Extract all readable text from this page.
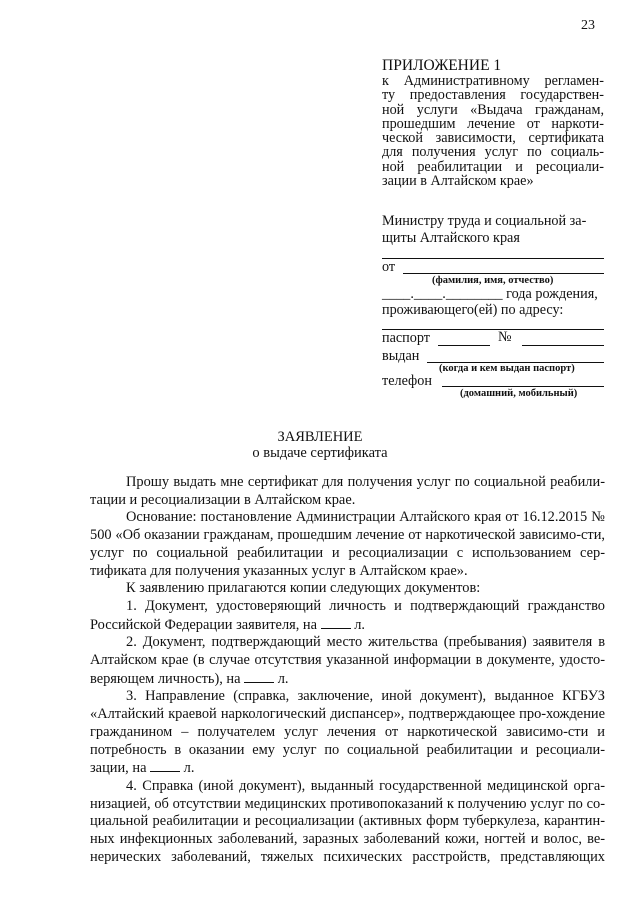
23
ПРИЛОЖЕНИЕ 1
к Административному регламен-
ту предоставления государствен-
ной услуги «Выдача гражданам,
прошедшим лечение от наркоти-
ческой зависимости, сертификата
для получения услуг по социаль-
ной реабилитации и ресоциали-
зации в Алтайском крае»
Министру труда и социальной за-
щиты Алтайского края
от
(фамилия, имя, отчество)
____.____.________ года рождения,
проживающего(ей) по адресу:
паспорт	№
выдан
(когда и кем выдан паспорт)
телефон
(домашний, мобильный)
ЗАЯВЛЕНИЕ
о выдаче сертификата
Прошу выдать мне сертификат для получения услуг по социальной реабили-тации и ресоциализации в Алтайском крае.
Основание: постановление Администрации Алтайского края от 16.12.2015 № 500 «Об оказании гражданам, прошедшим лечение от наркотической зависимо-сти, услуг по социальной реабилитации и ресоциализации с использованием сер-тификата для получения указанных услуг в Алтайском крае».
К заявлению прилагаются копии следующих документов:
1. Документ, удостоверяющий личность и подтверждающий гражданство Российской Федерации заявителя, на  л.
2. Документ, подтверждающий место жительства (пребывания) заявителя в Алтайском крае (в случае отсутствия указанной информации в документе, удосто-веряющем личность), на  л.
3. Направление (справка, заключение, иной документ), выданное КГБУЗ «Алтайский краевой наркологический диспансер», подтверждающее про-хождение гражданином – получателем услуг лечения от наркотической зависимо-сти и потребность в оказании ему услуг по социальной реабилитации и ресоциали-зации, на  л.
4. Справка (иной документ), выданный государственной медицинской орга-низацией, об отсутствии медицинских противопоказаний к получению услуг по со-циальной реабилитации и ресоциализации (активных форм туберкулеза, карантин-ных инфекционных заболеваний, заразных заболеваний кожи, ногтей и волос, ве-нерических заболеваний, тяжелых психических расстройств, представляющих
